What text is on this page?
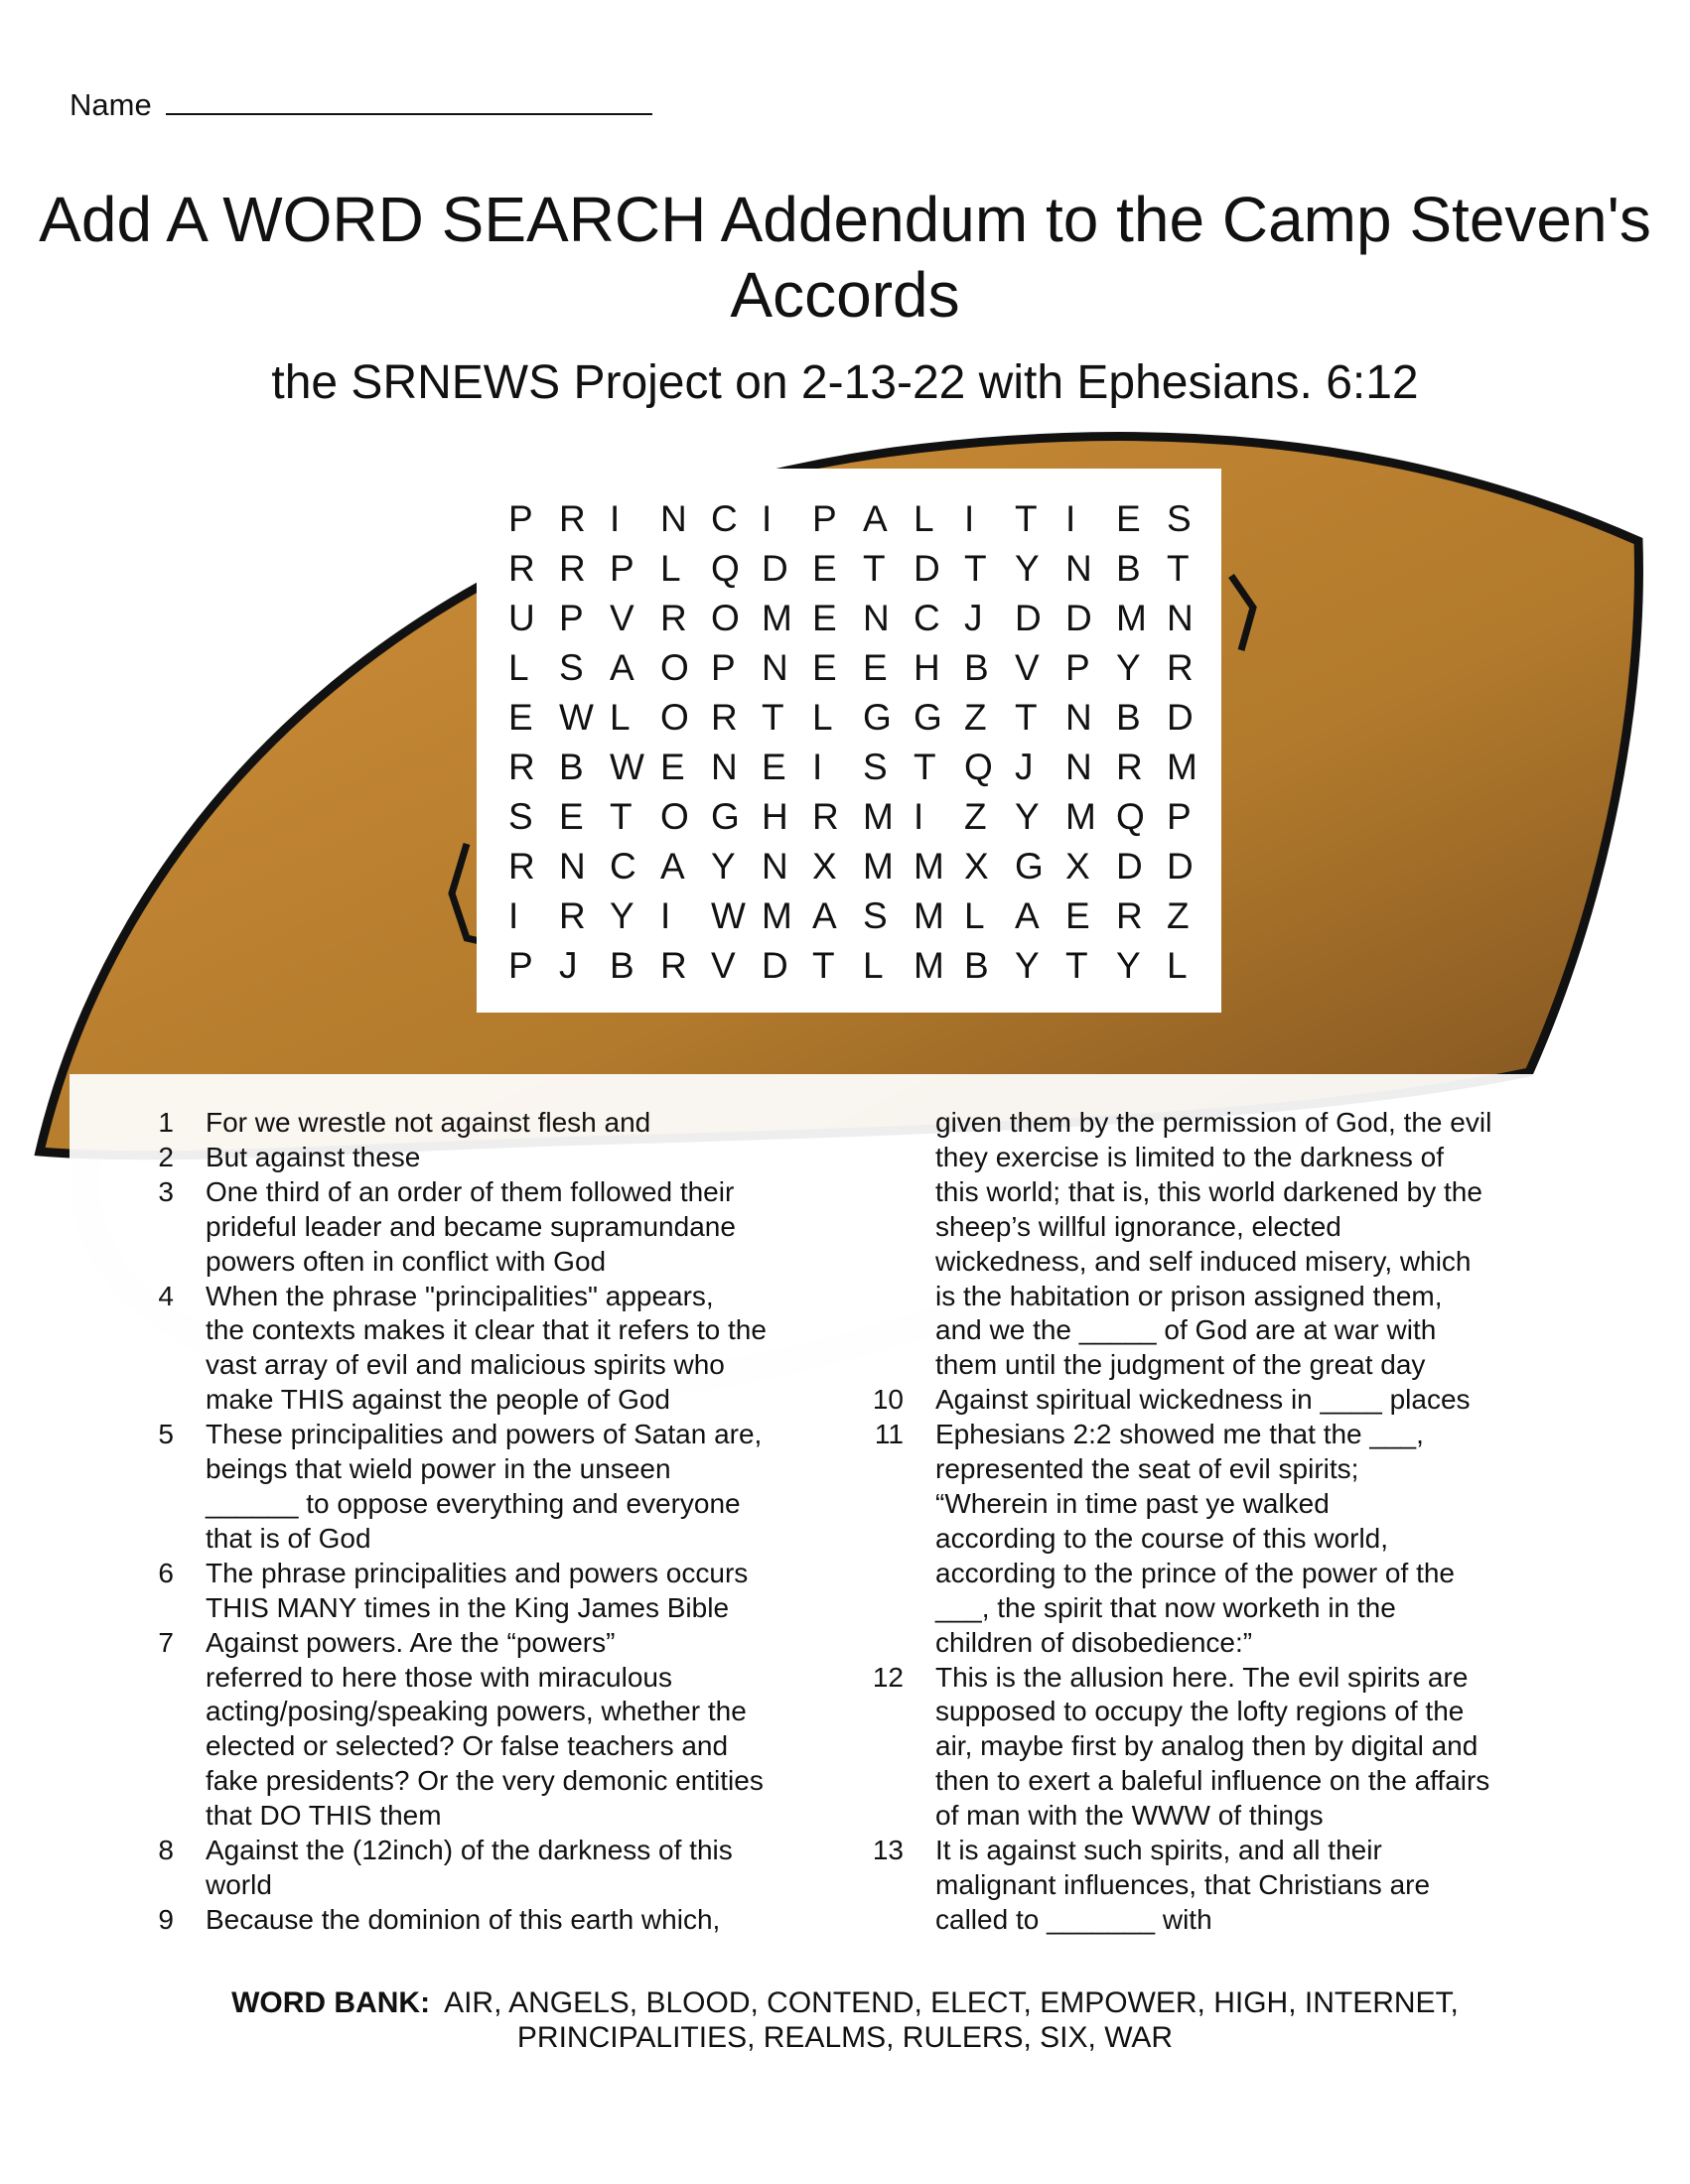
Name
Add A WORD SEARCH Addendum to the Camp Steven's Accords
the SRNEWS Project on 2-13-22 with Ephesians. 6:12
P R I	N C I	P A L I	T I	E S
R R P L Q D E T D T Y N B T
U P V R O M E N C J D D M N
L S A O P N E E H B V P Y R
E W L O R T L G G Z T N B D
R B W E N E I	S T Q J N R M
S E T O G H R M I	Z Y M Q P
R N C A Y N X M M X G X D D
I	R Y I	W M A S M L A E R Z
P J B R V D T L M B Y T Y L
1	For we wrestle not against flesh and
2	But against these
3	One third of an order of them followed their
prideful leader and became supramundane
powers often in conflict with God
4	When the phrase "principalities" appears,
the contexts makes it clear that it refers to the
vast array of evil and malicious spirits who
make THIS against the people of God
5	These principalities and powers of Satan are,
beings that wield power in the unseen
______ to oppose everything and everyone
that is of God
6	The phrase principalities and powers occurs
THIS MANY times in the King James Bible
7	Against powers. Are the “powers”
referred to here those with miraculous
acting/posing/speaking powers, whether the
elected or selected? Or false teachers and
fake presidents? Or the very demonic entities
that DO THIS them
8	Against the (12inch) of the darkness of this
world
9	Because the dominion of this earth which,
given them by the permission of God, the evil
they exercise is limited to the darkness of
this world; that is, this world darkened by the
sheep’s willful ignorance, elected
wickedness, and self induced misery, which
is the habitation or prison assigned them,
and we the _____ of God are at war with
them until the judgment of the great day
10	Against spiritual wickedness in ____ places
11	Ephesians 2:2 showed me that the ___,
represented the seat of evil spirits;
“Wherein in time past ye walked
according to the course of this world,
according to the prince of the power of the
___, the spirit that now worketh in the
children of disobedience:”
12	This is the allusion here. The evil spirits are
supposed to occupy the lofty regions of the
air, maybe first by analog then by digital and
then to exert a baleful influence on the affairs
of man with the WWW of things
13	It is against such spirits, and all their
malignant influences, that Christians are
called to _______ with
WORD BANK: AIR, ANGELS, BLOOD, CONTEND, ELECT, EMPOWER, HIGH, INTERNET,
PRINCIPALITIES, REALMS, RULERS, SIX, WAR
